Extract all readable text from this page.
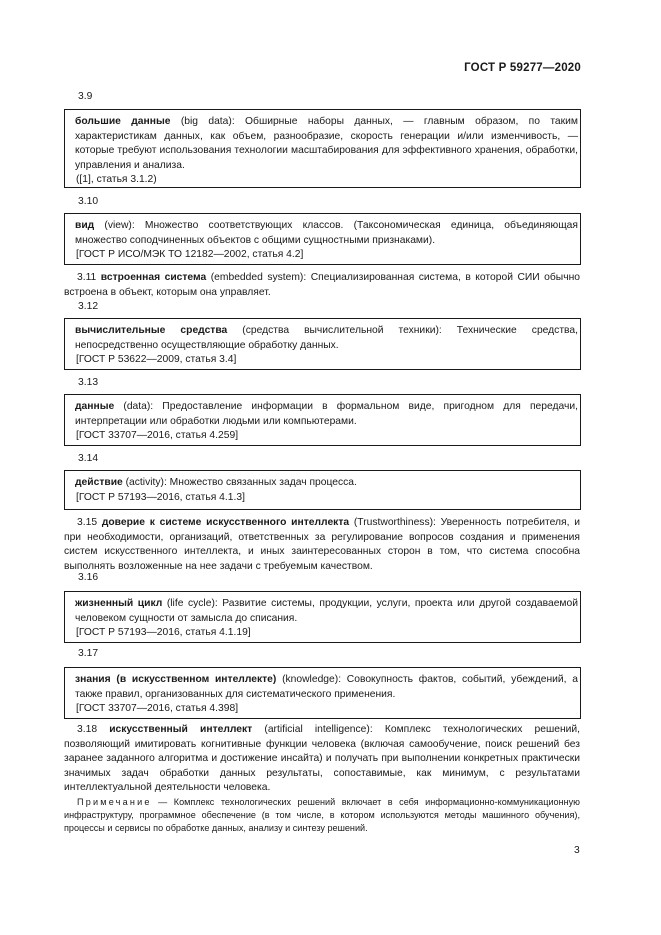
ГОСТ Р 59277—2020
3.9
большие данные (big data): Обширные наборы данных, — главным образом, по таким характеристикам данных, как объем, разнообразие, скорость генерации и/или изменчивость, — которые требуют использования технологии масштабирования для эффективного хранения, обработки, управления и анализа.
([1], статья 3.1.2)
3.10
вид (view): Множество соответствующих классов. (Таксономическая единица, объединяющая множество соподчиненных объектов с общими сущностными признаками).
[ГОСТ Р ИСО/МЭК ТО 12182—2002, статья 4.2]
3.11 встроенная система (embedded system): Специализированная система, в которой СИИ обычно встроена в объект, которым она управляет.
3.12
вычислительные средства (средства вычислительной техники): Технические средства, непосредственно осуществляющие обработку данных.
[ГОСТ Р 53622—2009, статья 3.4]
3.13
данные (data): Предоставление информации в формальном виде, пригодном для передачи, интерпретации или обработки людьми или компьютерами.
[ГОСТ 33707—2016, статья 4.259]
3.14
действие (activity): Множество связанных задач процесса.
[ГОСТ Р 57193—2016, статья 4.1.3]
3.15 доверие к системе искусственного интеллекта (Trustworthiness): Уверенность потребителя, и при необходимости, организаций, ответственных за регулирование вопросов создания и применения систем искусственного интеллекта, и иных заинтересованных сторон в том, что система способна выполнять возложенные на нее задачи с требуемым качеством.
3.16
жизненный цикл (life cycle): Развитие системы, продукции, услуги, проекта или другой создаваемой человеком сущности от замысла до списания.
[ГОСТ Р 57193—2016, статья 4.1.19]
3.17
знания (в искусственном интеллекте) (knowledge): Совокупность фактов, событий, убеждений, а также правил, организованных для систематического применения.
[ГОСТ 33707—2016, статья 4.398]
3.18 искусственный интеллект (artificial intelligence): Комплекс технологических решений, позволяющий имитировать когнитивные функции человека (включая самообучение, поиск решений без заранее заданного алгоритма и достижение инсайта) и получать при выполнении конкретных практически значимых задач обработки данных результаты, сопоставимые, как минимум, с результатами интеллектуальной деятельности человека.
Примечание — Комплекс технологических решений включает в себя информационно-коммуникационную инфраструктуру, программное обеспечение (в том числе, в котором используются методы машинного обучения), процессы и сервисы по обработке данных, анализу и синтезу решений.
3
